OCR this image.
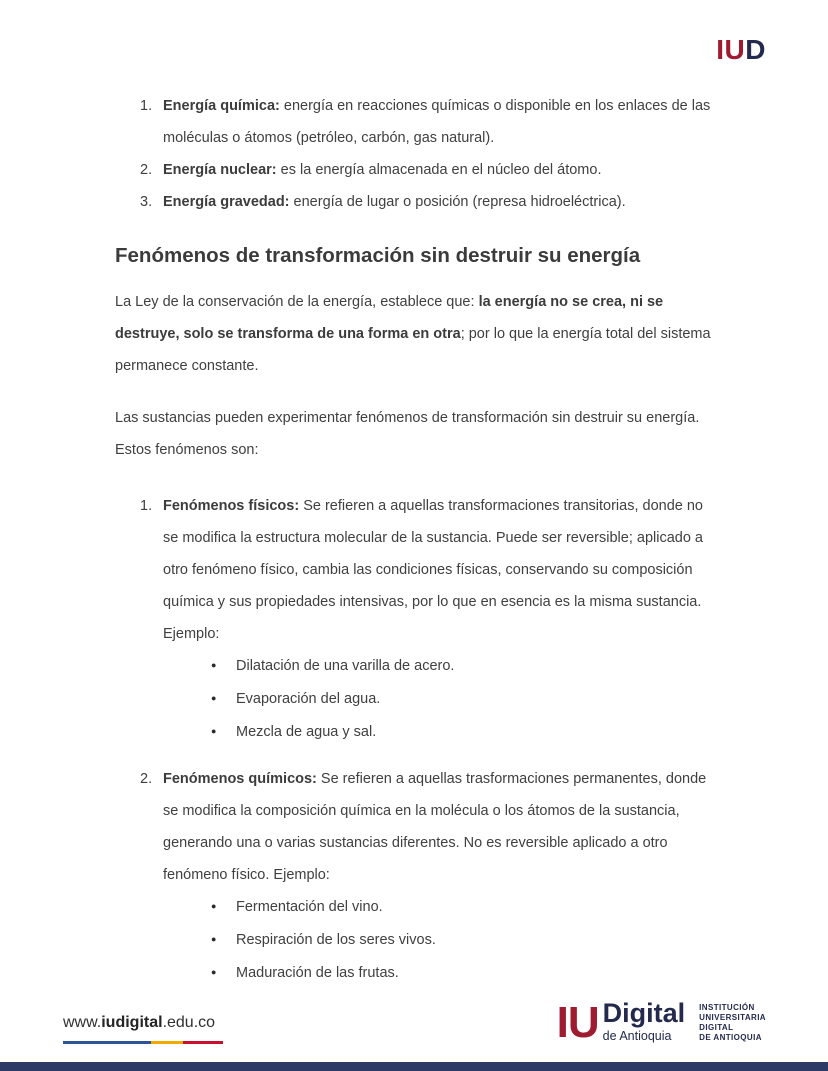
IUD
1. Energía química: energía en reacciones químicas o disponible en los enlaces de las moléculas o átomos (petróleo, carbón, gas natural).
2. Energía nuclear: es la energía almacenada en el núcleo del átomo.
3. Energía gravedad: energía de lugar o posición (represa hidroeléctrica).
Fenómenos de transformación sin destruir su energía

La Ley de la conservación de la energía, establece que: la energía no se crea, ni se destruye, solo se transforma de una forma en otra; por lo que la energía total del sistema permanece constante.

Las sustancias pueden experimentar fenómenos de transformación sin destruir su energía. Estos fenómenos son:

1. Fenómenos físicos: Se refieren a aquellas transformaciones transitorias, donde no se modifica la estructura molecular de la sustancia. Puede ser reversible; aplicado a otro fenómeno físico, cambia las condiciones físicas, conservando su composición química y sus propiedades intensivas, por lo que en esencia es la misma sustancia. Ejemplo:
●
Dilatación de una varilla de acero.
●
Evaporación del agua.
●
Mezcla de agua y sal.
2. Fenómenos químicos: Se refieren a aquellas trasformaciones permanentes, donde se modifica la composición química en la molécula o los átomos de la sustancia, generando una o varias sustancias diferentes. No es reversible aplicado a otro fenómeno físico. Ejemplo:
●
Fermentación del vino.
●
Respiración de los seres vivos.
●
Maduración de las frutas.
www.iudigital.edu.co	IU Digital
de Antioquia
INSTITUCIÓN
UNIVERSITARIA
DIGITAL
DE ANTIOQUIA
